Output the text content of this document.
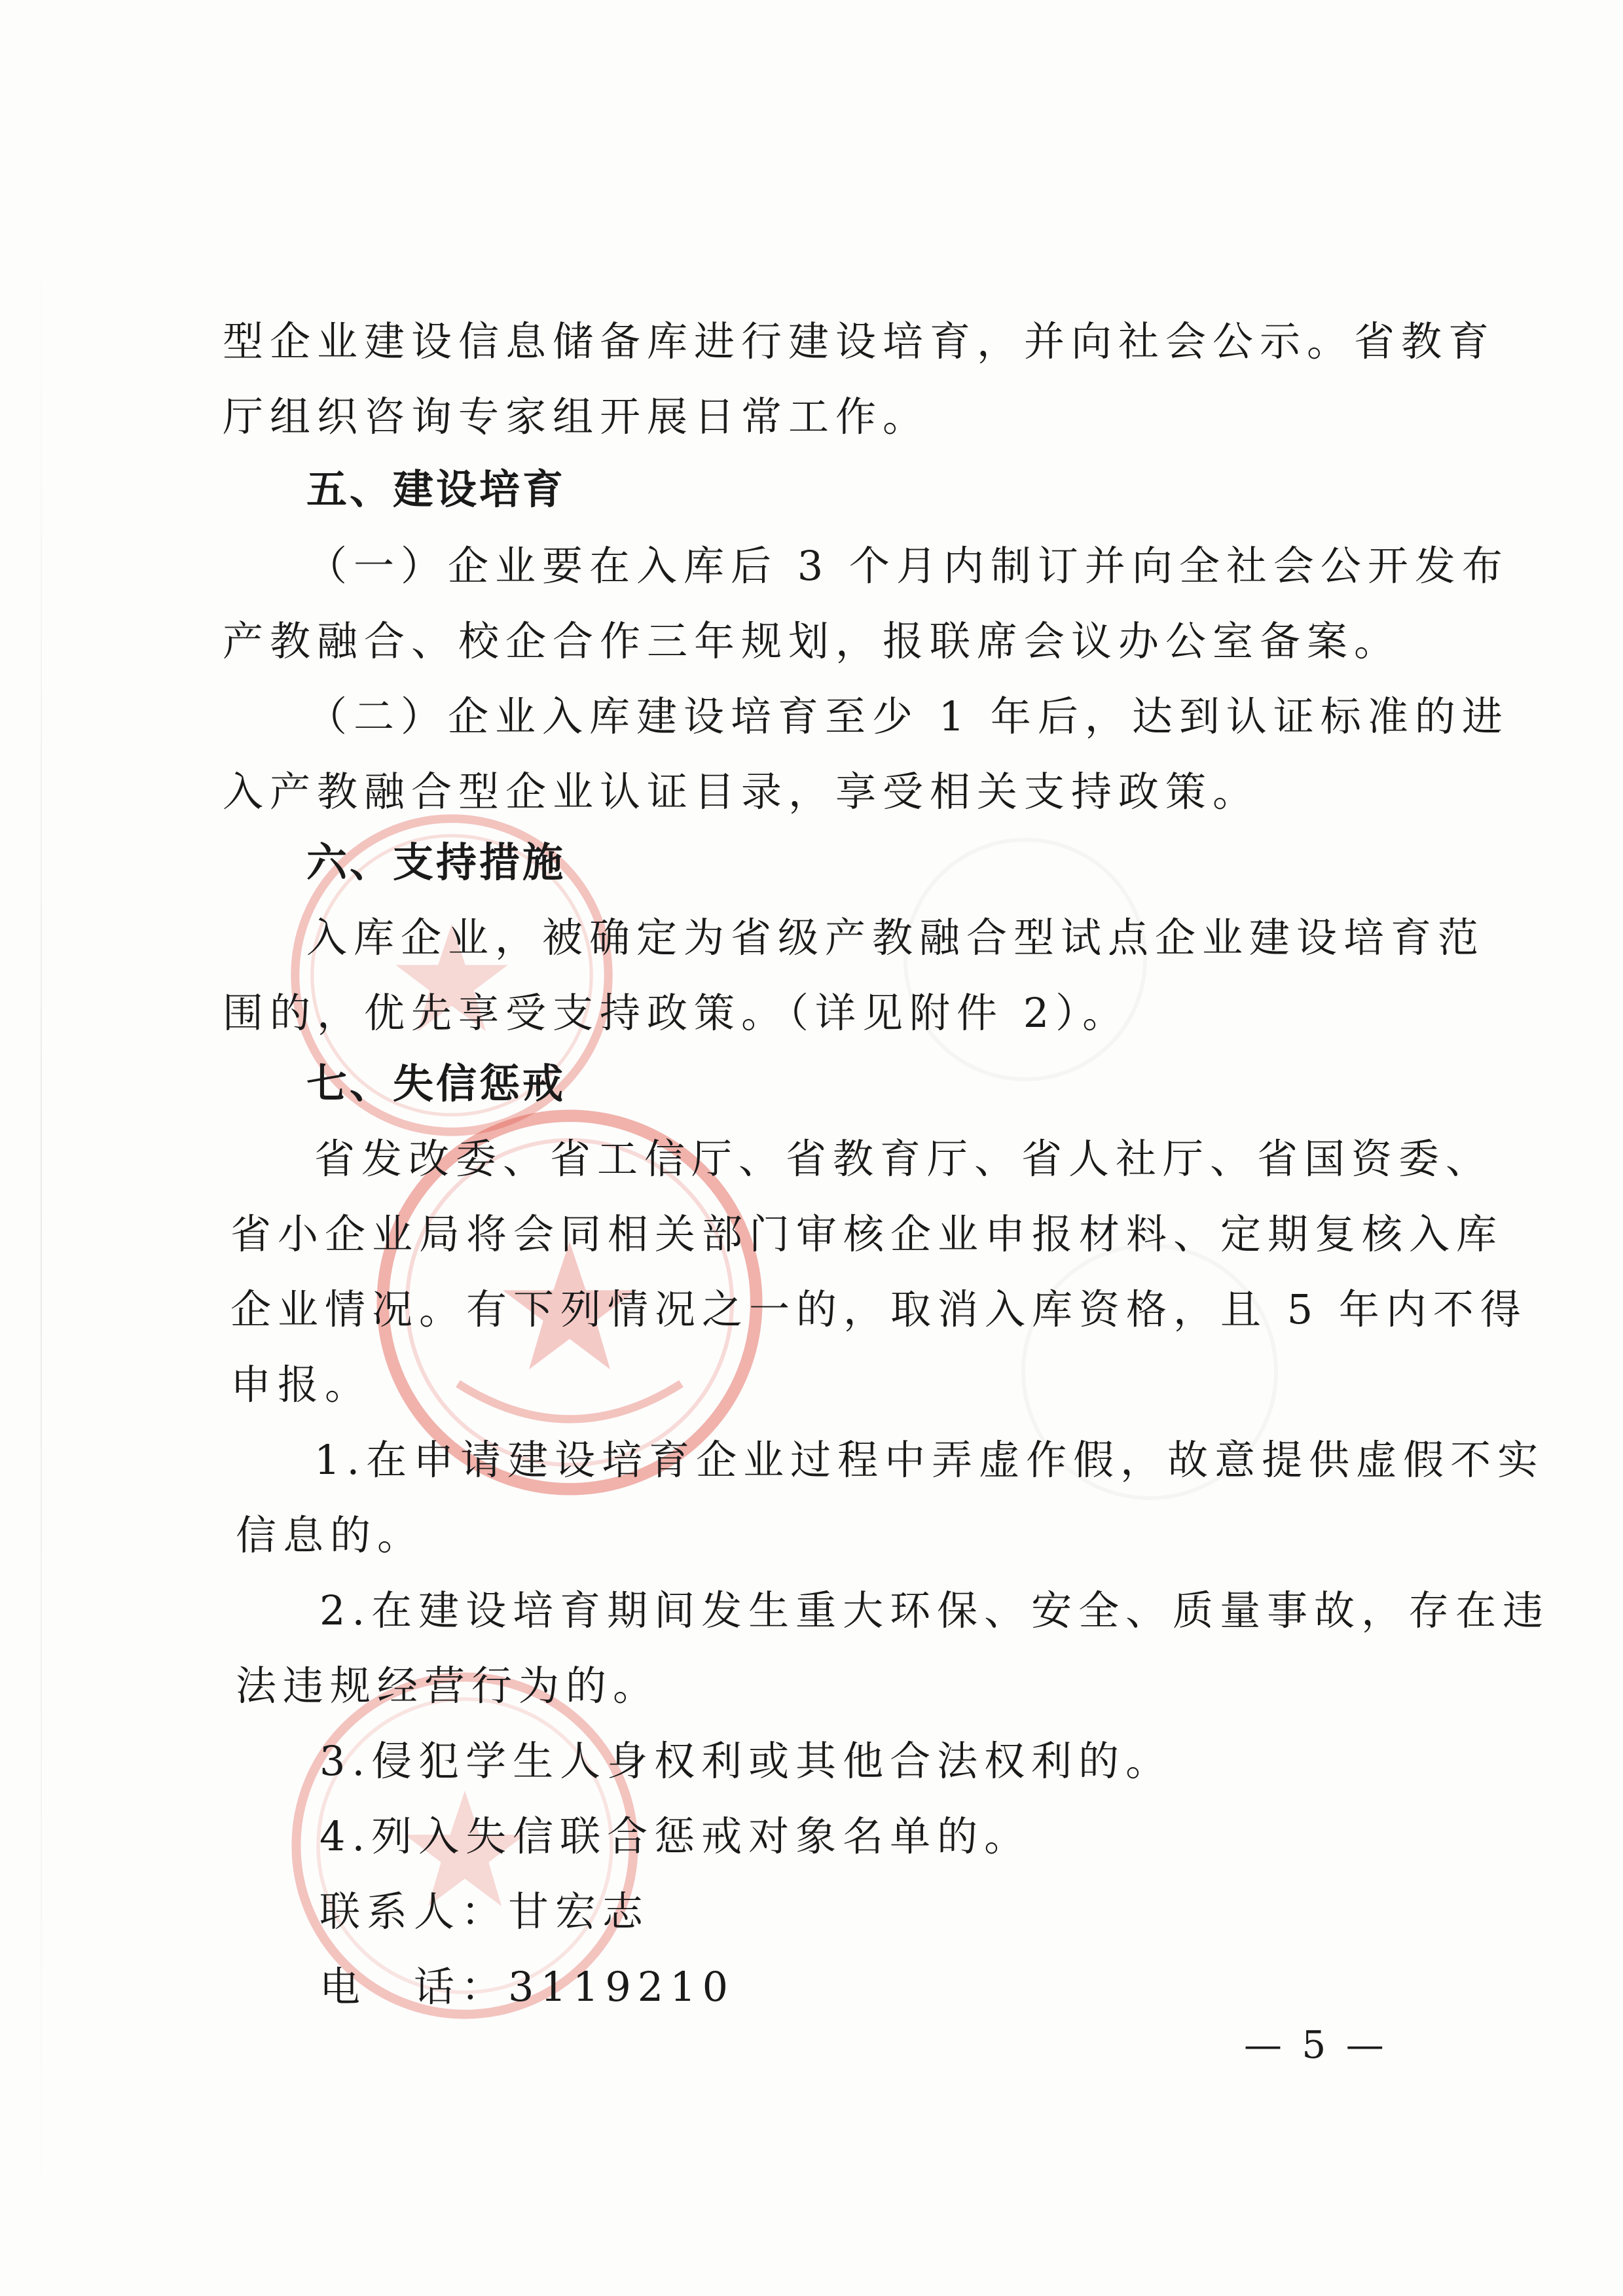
型企业建设信息储备库进行建设培育，并向社会公示。省教育
厅组织咨询专家组开展日常工作。
五、建设培育
（一）企业要在入库后 3 个月内制订并向全社会公开发布
产教融合、校企合作三年规划，报联席会议办公室备案。
（二）企业入库建设培育至少 1 年后，达到认证标准的进
入产教融合型企业认证目录，享受相关支持政策。
六、支持措施
入库企业，被确定为省级产教融合型试点企业建设培育范
围的，优先享受支持政策。（详见附件 2）。
七、失信惩戒
省发改委、省工信厅、省教育厅、省人社厅、省国资委、
省小企业局将会同相关部门审核企业申报材料、定期复核入库
企业情况。有下列情况之一的，取消入库资格，且 5 年内不得
申报。
1.在申请建设培育企业过程中弄虚作假，故意提供虚假不实
信息的。
2.在建设培育期间发生重大环保、安全、质量事故，存在违
法违规经营行为的。
3.侵犯学生人身权利或其他合法权利的。
4.列入失信联合惩戒对象名单的。
联系人：甘宏志
电　话：3119210
— 5 —
